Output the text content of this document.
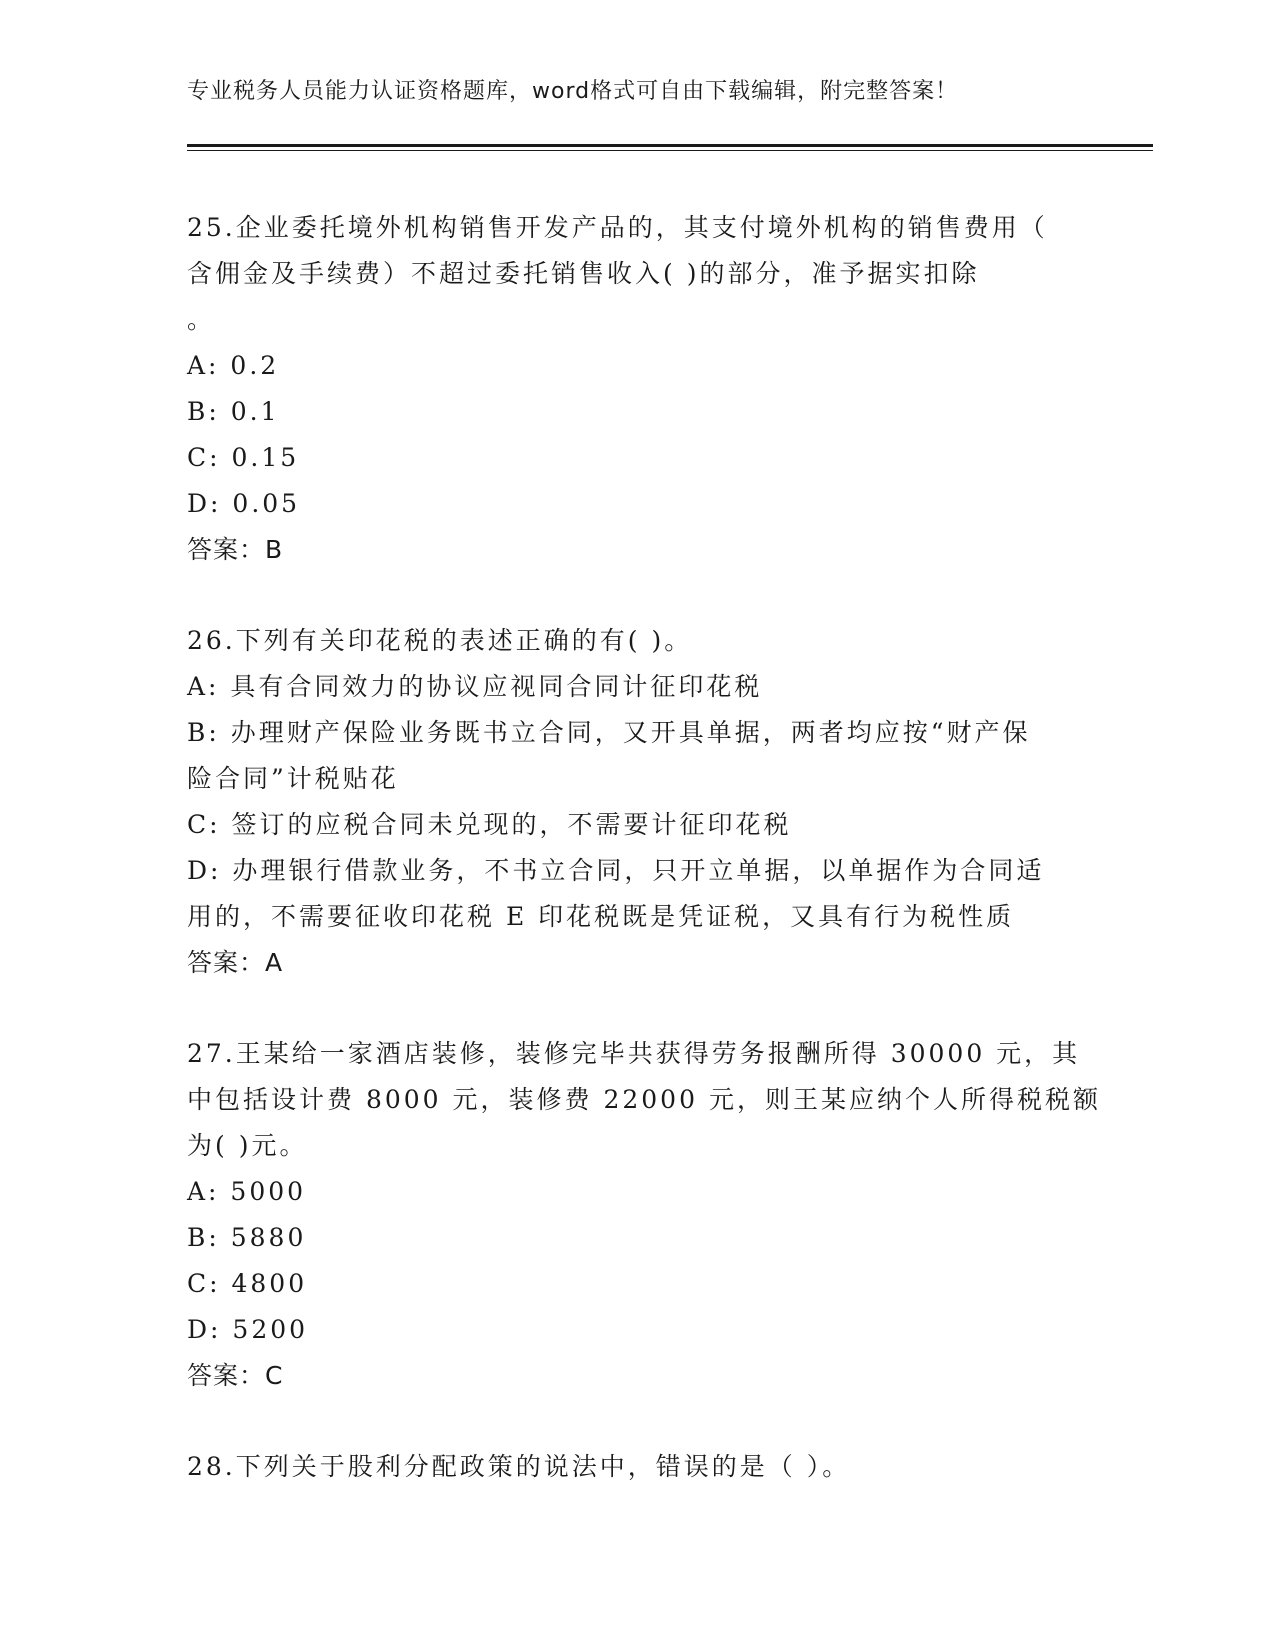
专业税务人员能力认证资格题库，word格式可自由下载编辑，附完整答案！
25.企业委托境外机构销售开发产品的，其支付境外机构的销售费用（
含佣金及手续费）不超过委托销售收入( )的部分，准予据实扣除
。
A: 0.2
B: 0.1
C: 0.15
D: 0.05
答案：B
26.下列有关印花税的表述正确的有( )。
A: 具有合同效力的协议应视同合同计征印花税
B: 办理财产保险业务既书立合同，又开具单据，两者均应按“财产保
险合同”计税贴花
C: 签订的应税合同未兑现的，不需要计征印花税
D: 办理银行借款业务，不书立合同，只开立单据，以单据作为合同适
用的，不需要征收印花税 E 印花税既是凭证税，又具有行为税性质
答案：A
27.王某给一家酒店装修，装修完毕共获得劳务报酬所得 30000 元，其
中包括设计费 8000 元，装修费 22000 元，则王某应纳个人所得税税额
为( )元。
A: 5000
B: 5880
C: 4800
D: 5200
答案：C
28.下列关于股利分配政策的说法中，错误的是（ ）。
